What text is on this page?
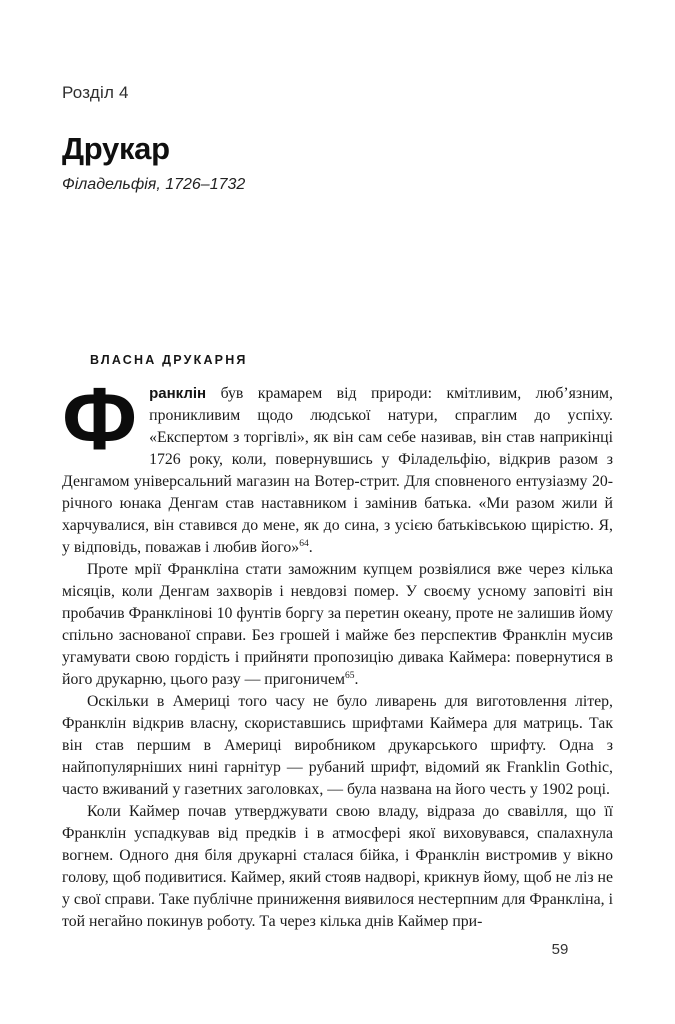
Розділ 4
Друкар
Філадельфія, 1726–1732
ВЛАСНА ДРУКАРНЯ

Франклін був крамарем від природи: кмітливим, люб’язним, проникливим щодо людської натури, спраглим до успіху. «Експертом з торгівлі», як він сам себе називав, він став наприкінці 1726 року, коли, повернувшись у Філадельфію, відкрив разом з Денгамом універсальний магазин на Вотер-стрит. Для сповненого ентузіазму 20-річного юнака Денгам став наставником і замінив батька. «Ми разом жили й харчувалися, він ставився до мене, як до сина, з усією батьківською щирістю. Я, у відповідь, поважав і любив його»$^{64}$.

Проте мрії Франкліна стати заможним купцем розвіялися вже через кілька місяців, коли Денгам захворів і невдовзі помер. У своєму усному заповіті він пробачив Франклінові 10 фунтів боргу за перетин океану, проте не залишив йому спільно заснованої справи. Без грошей і майже без перспектив Франклін мусив угамувати свою гордість і прийняти пропозицію дивака Каймера: повернутися в його друкарню, цього разу — пригоничем$^{65}$.

Оскільки в Америці того часу не було ливарень для виготовлення літер, Франклін відкрив власну, скориставшись шрифтами Каймера для матриць. Так він став першим в Америці виробником друкарського шрифту. Одна з найпопулярніших нині гарнітур — рубаний шрифт, відомий як Franklin Gothic, часто вживаний у газетних заголовках, — була названа на його честь у 1902 році.

Коли Каймер почав утверджувати свою владу, відраза до свавілля, що її Франклін успадкував від предків і в атмосфері якої виховувався, спалахнула вогнем. Одного дня біля друкарні сталася бійка, і Франклін вистромив у вікно голову, щоб подивитися. Каймер, який стояв надворі, крикнув йому, щоб не ліз не у свої справи. Таке публічне приниження виявилося нестерпним для Франкліна, і той негайно покинув роботу. Та через кілька днів Каймер при-

59
